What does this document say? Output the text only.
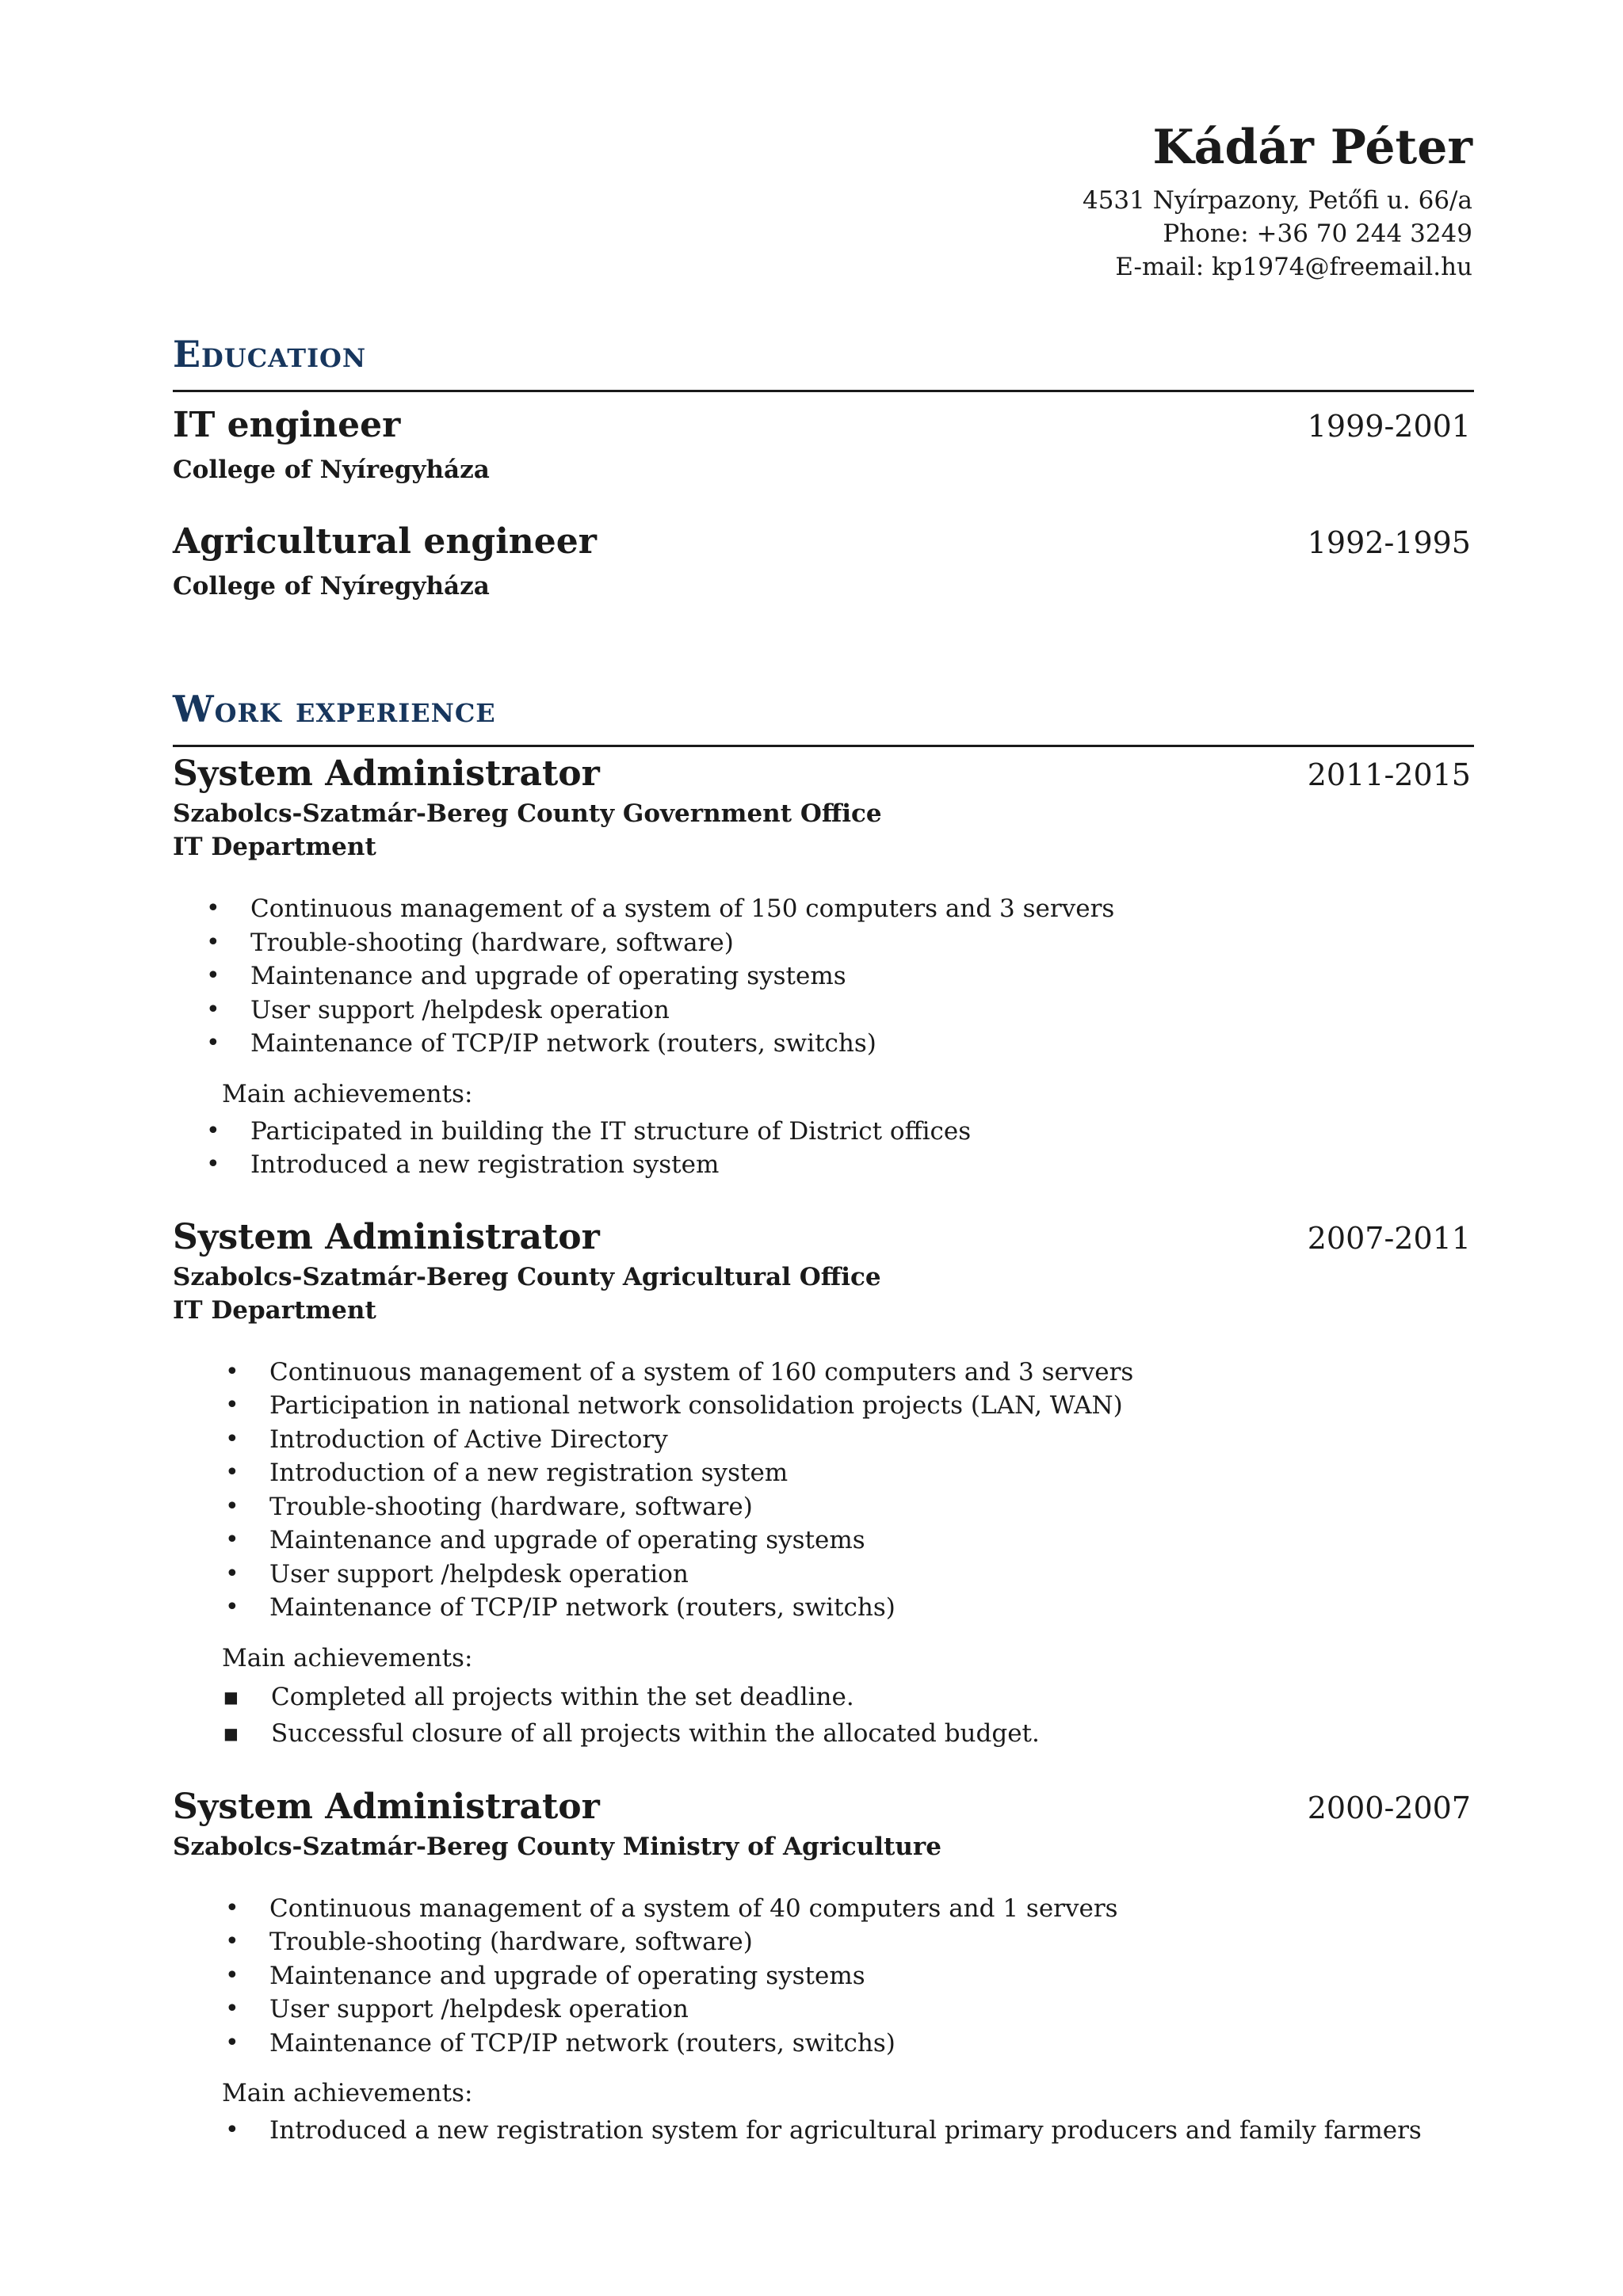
Kádár Péter
4531 Nyírpazony, Petőfi u. 66/a
Phone: +36 70 244 3249
E-mail: kp1974@freemail.hu
Education
IT engineer	1999-2001
College of Nyíregyháza
Agricultural engineer	1992-1995
College of Nyíregyháza
Work experience
System Administrator	2011-2015
Szabolcs-Szatmár-Bereg County Government Office
IT Department
• Continuous management of a system of 150 computers and 3 servers
• Trouble-shooting (hardware, software)
• Maintenance and upgrade of operating systems
• User support /helpdesk operation
• Maintenance of TCP/IP network (routers, switchs)
Main achievements:
• Participated in building the IT structure of District offices
• Introduced a new registration system
System Administrator	2007-2011
Szabolcs-Szatmár-Bereg County Agricultural Office
IT Department
• Continuous management of a system of 160 computers and 3 servers
• Participation in national network consolidation projects (LAN, WAN)
• Introduction of Active Directory
• Introduction of a new registration system
• Trouble-shooting (hardware, software)
• Maintenance and upgrade of operating systems
• User support /helpdesk operation
• Maintenance of TCP/IP network (routers, switchs)
Main achievements:
■ Completed all projects within the set deadline.
■ Successful closure of all projects within the allocated budget.
System Administrator	2000-2007
Szabolcs-Szatmár-Bereg County Ministry of Agriculture
• Continuous management of a system of 40 computers and 1 servers
• Trouble-shooting (hardware, software)
• Maintenance and upgrade of operating systems
• User support /helpdesk operation
• Maintenance of TCP/IP network (routers, switchs)
Main achievements:
• Introduced a new registration system for agricultural primary producers and family farmers
